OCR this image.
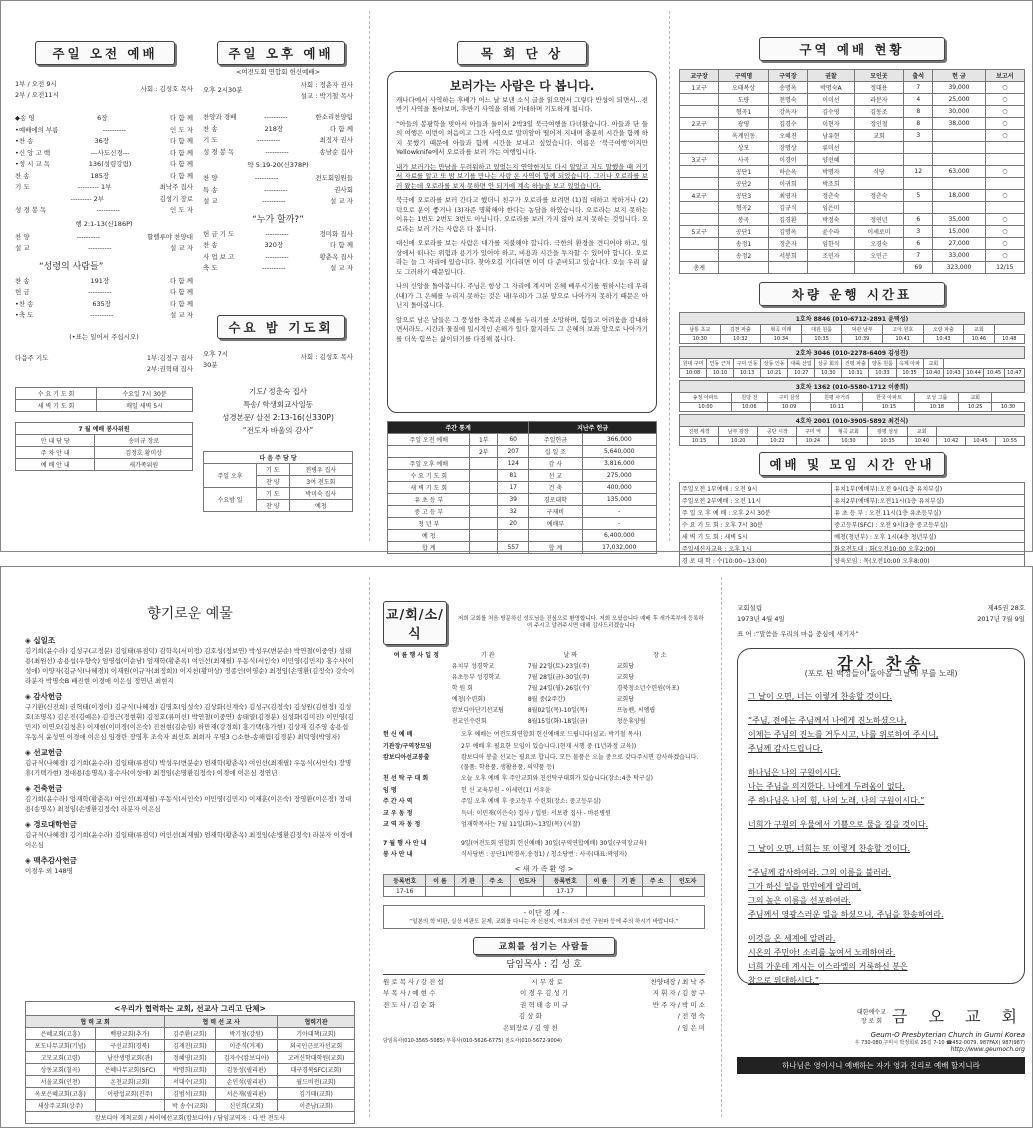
주일 오전 예배
1부 / 오전 9시
2부 / 오전11시
사회 : 김성호 목사
◆송 영	6장	다 함 께
•예배에의 부름	----------	인 도 자
•찬 송	36장	다 함 께
•신 앙 고 백	---사도신경---	다 함 께
•성 시 교 독	136(성령강림)	다 함 께
찬 송	185장	다 함 께
기 도	--------- 1부	최낙주 집사
--------- 2부	김성기 장로
성 경 봉 독	----------	인 도 자
행 2:1-13(신186P)
찬 양	----------	할렐루야 찬양대
설 교	----------	설 교 자
“성령의 사람들”
찬 송	191장	다 함 께
헌 금	----------	다 함 께
•찬 송	635장	다 함 께
•축 도	----------	설 교 자
(•표는 일어서 주십시오)
다음주 기도	1부:김정구 집사
2부:권혁태 집사
수 요 기 도 회	수요일 7시 30분
새 벽 기 도 회	매일 새벽 5시
7 월 예배 봉사위원	
안 내 담 당	송미규 장로
주 차 안 내	김정호 황미상
예 배 안 내	새가족위원
주일 오후 예배
<여전도회 연합회 헌신예배>
오후 2시30분
사회 : 정춘자 권사
설교 : 박기철 목사
찬양과 경배	----------	한소리찬양팀
찬 송	218장	다 함 께
기 도	----------	최정자 권사
성 경 봉 독	----------	송남순 집사
약 5:19-20(신378P)
찬 양	----------	전도회임원들
특 송	----------	권사회
설 교	----------	설 교 자
“누가 할까?”
헌 금 기 도	----------	정미화 집사
찬 송	320장	다 함 께
사 업 보 고	----------	황춘옥 집사
축 도	----------	설 교 자
수요 밤 기도회
오후 7시 30분
사회 : 김성호 목사
기도/ 정춘숙 집사
특송/ 학생회교사일동
성경본문/ 살전 2:13-16(신330P)
“전도자 바울의 감사”
다 음 주 담 당		
주일 오후	기 도	전병우 집사
	찬 양	3여 전도회
수요밤 일	기 도	박미숙 집사
	찬 양	예청
목 회 단 상
보러가는 사람은 다 봅니다.

캐나다에서 사역하는 후배가 어느 날 보낸 소식 글을 읽으면서 그렇다 반성이 되면서...전반기 사역을 돌아보며, 후반기 사역을 위해 기대하며 기도하게 됩니다.

“아들의 봉팡학을 맞아서 아들과 둘이서 2박3일 북극여행을 다녀왔습니다. 아들과 단 둘의 여행은 이번이 처음이고 그간 사역으로 말미암아 떨어져 지내며 충분히 시간을 함께 하지 못했기 때문에 아들과 함께 시간을 보내고 싶었습니다. 이름은 ‘북극여행’이지만 Yellowknife에서 오로라를 보러 가는 여행입니다.

내가 보러가는 만남을 두려워하고 있었는지 연약한지도 다시 알았고 지도 말했을 때 거기서 자료를 알고 또 밤 보기를 만나는 사랑 온 사역이 함께 되었습니다. 그러나 오로라를 보러 왔는데 오로라를 보지 못하면 안 되기에 계속 하늘을 보고 있었습니다.

북극에 오로라를 보러 간다고 했더니 친구가 오로라를 보려면 (1)집 대하고 착하거나 (2)덕으로 운이 좋거나 (3)자존 명확해야 한다는 농담을 하였습니다. 오로라는 보지 못하는 이유는 1번도 2번도 3번도 아닙니다. 오로라를 보러 가지 않아 보지 못하는 것입니다. 오로라는 보러 가는 사람은 다 봅니다.

대신에 오로라를 보는 사람은 대가를 지불해야 합니다. 극한의 환경을 견디어야 하고, 일상에서 떠나는 위험과 용기가 있어야 하고, 비용과 시간을 투자할 수 있어야 합니다. 오로라는 늘 그 자리에 있습니다. 찾아오길 기다리면 이미 다 준비되고 있습니다. 오늘 우리 삶도 그러하기 때문입니다.

나의 신앙을 돌아봅니다. 주님은 항상 그 자리에 계시며 은혜 베푸시기를 원하시는데 우리(내)가 그 은혜를 누리지 못하는 것은 내(우리)가 그분 앞으로 나아가지 못하기 때문은 아닌지 돌아봅니다.

앞으로 남은 날들은 그 풍성한 축복과 은혜를 누리기를 소망하며, 힘들고 어려움을 감내하면서라도, 시간과 물질에 일시적인 손해가 있다 할지라도 그 은혜의 보좌 앞으로 나아가기를 더욱 힘쓰는 삶이되기를 다짐해 봅니다.

주간 통계			지난주 헌금	
주일 오전 예배	1부	60	주일헌금	366,000
	2부	207	십 일 조	5,640,000
주일 오후 예배		124	감 사	3,816,000
수 요 기 도 회		81	선 교	275,000
새 벽 기 도 회		17	건 축	400,000
유 초 등 부		39	경로대학	135,000
중 고 등 부		32	구제비	-
청 년 부		20	예배부	-
예 청				6,400,000
합 계		557	합 계	17,032,000
구역 예배 현황
교구장	구역명	구역장	권찰	모인곳	출석	헌 금	보고서
1교구	오태복상	송명옥	박명숙A	정대용	7	39,000	○
	도량	천명숙	이미선	라분자	4	25,000	○
	형곡1	강옥자	김수영	김동조	8	30,000	○
2교구	광평	김경수	이현자	정인철	8	38,000	○
	옥계인동	오혜진	남유현	교회	3		○
	상모	장명상	류미선				
3교구	사곡	이경이	양선혜				
	공단1	하순옥	박명자	식당	12	63,000	○
	공단2	이귀희	박조희				
4교구	공단3	최영자	정춘숙	정춘숙	5	18,000	○
	형곡2	김규식	임은미				
	봉곡	김경환	박정숙	정연년	6	35,000	○
5교구	공단1	김명옥	윤수라	이세로미	3	15,000	○
	송정1	정춘자	임한식	오경숙	6	27,000	○
	송정2	서봉희	조민자	오민근	7	33,000	○
총계					69	323,000	12/15
차량 운행 시간표
1호차 8846 (010-6712-2891 윤택성)								
남통 초교	김천 파출	형곡 미래	대원 원룸	덕관 남부	고아 원호	오랑 파출	교회	
10:30	10:32	10:34	10:35	10:39	10:41	10:43	10:46	10:48
2호차 3046 (010-2278-6409 김성진)													
원대 구미	인동 근처	구미 인동	상동 인동	대륙 산업	상공 회의	진평 파출	양동 원룸	옥계 아파	교회				
10:08	10:10	10:13	10:21	10:27	10:30	10:31	10:33	10:35	10:40	10:43	10:44	10:45	10:47
3호차 1362 (010-5580-1712 이종희)							
송정 아파트	원당 전	구미 삼성	원평 사거리	한국 아파트	오성 그룹	교회	
10:00	10:06	10:09	10:11	10:15	10:18	10:25	10:30
4호차 2001 (010-3905-5892 최건식)									
진평 세경	남부 광장	공단 시장	구미 역	형곡 교회	광평 삼성	교회			
10:15	10:20	10:22	10:24	10:30	10:35	10:40	10:42	10:45	10:55
예배 및 모임 시간 안내
주일오전 1부예배 : 오전 9시	유치1부(예배부):오전 9시(1층 유치부실)
주일오전 2부예배 : 오전 11시	유치2부(예배부):오전11시(1층 유치부실)
주 일 오 후 예 배 : 오후 2시 30분	유 초 등 부 : 오전 11시(1층 유초등부실)
수 요 기 도 회 : 오후 7시 30분	중고등부(SFC) : 오전 9시(3층 중고등부실)
새 벽 기 도 회 : 새벽 5시	예청(청년부) : 오후 1시(4층 청년부실)
주일새신자교육 : 오후 1시	화요전도대 : 화(오전10:00 오후2:00)
경 로 대 학 : 수(10:00~13:00)	양육모임 : 목(오전10:00 오후8:00)
향기로운 예물
◈ 십일조
김기희(윤수라) 김성구(고정분) 김일태(류점덕) 김학옥(서미정) 김호성(정보연) 박성우(변분순) 박연철(이중연) 성태용(최원선) 송용섭(우향숙) 엄영섭(이순남) 엄재학(황춘옥) 여인선(최재필) 우동식(서인숙) 이민영(김민지) 홍수사(이성애) 이양자(김규식(나혜경)) 이재원(이규자(최정희)) 이지천(황미상) 정종인(이영순) 최정임(손명환(김정숙) 강숙이 라분자 박명숙B 배진현 이경애 이은심 정연년 최현지
◈ 감사헌금
구기환(신진희) 권혁태(이경이) 김규식(나혜경) 김명호(임성숙) 김상화(신계숙) 김성구(김정숙) 김성원(김현정) 김성호(조명옥) 김은진(김예은) 김정근(정현휘) 김정호(류미선) 박연철(이중연) 송태열(김경분) 심성화(김미진) 이민영(김민지) 이연오(김청흔) 이재현(이미경(이은숙) 진천현(김순임) 하만재(강경희) 홍기택(홍가현) 김상재 김주영 송용섭 우동식 윤성연 이경애 이은심 임경란 장영후 조숙자 최선호 최희자 우명3 ○소한-송해림(김경분) 최덕영(박영자)
◈ 선교헌금
김규식(나혜경) 김기희(윤수라) 김일태(류점덕) 박성우(변분순) 엄재학(황춘옥) 여인선(최재필) 우동식(서인숙) 장명휴(기택가현) 정대용(송명옥) 홍수사(이성애) 최정임(손명환김정숙) 이경애 이은심 정연년
◈ 건축헌금
김기희(윤수라) 엄재학(황춘옥) 여인선(최재필) 우동식(서인숙) 이민영(김민지) 이재훈(이은숙) 장영환(이은정) 정대용(송명옥) 최정임(손병환김정숙) 라분자 이은심
◈ 경로대학헌금
김규식(나혜경) 김기희(윤수라) 김일태(류점덕) 여인선(최재필) 엄재학(황춘옥) 최정임(손병환김정숙) 라분자 이경애 이은심
◈ 맥추감사헌금
이경우 외 148명
<우리가 협력하는 교회, 선교사 그리고 단체>				
협 력 교 회		협 력 선 교 사		협력기관
은혜교회(고흥)	백광교회(추가)	김주환(교회)	박기철(강원)	기아대책(교회)
포도나무교회(기념)	구선교회(경북)	김재진(교회)	이준식(거제)	외국인근로자선교회
고모교회(고령)	남산생명교회(관)	정혜영(교회)	김자수(캄보디아)	고려신학대학원(교회)
상동교회(칠곡)	은혜나무교회(SFC)	박명희(교회)	김동성(필리핀)	대구경북SFC(교회)
서울교회(인천)	온천교회(교회)	서대수(교회)	손인석(필리핀)	월드비전(교회)
옥포은혜교회(고흥)	이광섭교회(진주)	김범석(교회)	서은재(필리핀)	김기태(교회)
새상주교회(상주)		박 송수(교회)	신인희(교회)	이준남(교회)
캄보디아 개척교회 / 싸이에선교회(캄보디아) / 담임교역자 : 다 반 전도사				
교/회/소/식
저희 교회를 처음 방문하신 성도님을 진심으로 환영합니다. 저희 오셨습니다 예배 후 새가족부에 등록하여 주시고 알려주시면 대해 감사드리겠습니다
여 름 행 사 일 정	기 관	날 짜	장 소
	유치부 성경학교	7월 22일(토)-23일(주)	교회당
	유초등부 성경학교	7월 28일(금)-30일(주)	교회당
	학 원 회	7월 24일(월)-26일(수)	경북청소년수련원(아포)
	예청(수련회)	8월 중(2주간)	교회당
	캄보디아단기선교팀	8월02일(목)-10일(목)	프놈펜, 씨엠립
	전교인수련회	8월15일(화)-18일(금)	청운휴양림
헌 신 예 배	오후 예배는 여전도회연합회 헌신예배로 드립니다(설교: 박기철 목사)
기관장/구역장모임	2부 예배 후 필요한 모임이 있습니다.(현재 시행 중 (1년과정 교육))
캄보디아선교봉출	캄보디아 봉출 선교는 필요로 합니다. 모든 물품은 오늘 중으로 갖다주시면 감사하겠습니다.(물품: 학용품, 생활용품, 의약품 등)
친 선 탁 구 대 회	오늘 오후 예배 후 주안교회와 친선탁구대회가 있습니다(장소:4층 탁구실)
임 명	헌 신 교육부원 - 이세민(1) 서우윤
주 간 사 역	주일 오후 예배 후 중고등부 수련회(장소: 중고등부실)
교 우 동 정	득녀: 이민재(이은숙) 집사 / 입원: 서보광 집사 - 바른병원
교 역 자 동 정	엄재학목사는 7월 11일(화)~13일(목) (시찰)
7 월 행 사 안 내	9일(여전도회 연합회 헌신예배) 30일(구역연합예배) 30일(구역장교육)
봉 사 안 내	식사당번 : 공단1(박경옥,송정1) / 청소당번 : 사곡(대표:곽영자)
< 새 가 족 환 영 >
등록번호	이 름	기 관	주 소	인도자	등록번호	이 름	기 관	주 소	인도자
17-16					17-17				
- 이단 경 계 -
“일본의 학 비판, 실상 비판도 문제, 교회를 다니는 자 신천지, 여호와의 증인 구원파 등에 주의 하시기 바랍니다.”
교회를 섬기는 사람들
담임목사 : 김 성 호
원 로 목 사 / 강 진 섭	시 무 장 로	찬양대장 / 최 낙 주
부 목 사 / 예 현 수	이 경 우 김 성 기	지 휘 자 / 김 창 구
전 도 사 / 김 순 화	권 혁 태 송 미 규	반 주 자 / 박 미 소
김 상 화	/ 전 형 숙
은퇴장로 / 김 영 천	/ 임 은 미
담임목사(010-3565-5085) 부목사(010-5626-6775) 전도사(010-5672-9004)
교회설립
1973년 4월 4일
제45권 28호
2017년 7월 9일
표 어 :“말씀을 우리의 마음 중심에 새기자”
감사 찬송
(포로 된 백성들이 돌아올 그날에 부를 노래)
그 날이 오면, 너는 이렇게 찬송할 것이다.
“주님, 전에는 주님께서 나에게 진노하셨으나,
이제는 주님의 진노를 거두시고, 나를 위로하여 주시니,
주님께 감사드립니다.
하나님은 나의 구원이시다.
나는 주님을 의지한다. 나에게 두려움이 없다.
주 하나님은 나의 힘, 나의 노래, 나의 구원이시다.”
너희가 구원의 우물에서 기쁨으로 물을 길을 것이다.
그 날이 오면, 너희는 또 이렇게 찬송할 것이다.
“주님께 감사하여라. 그의 이름을 불러라.
그가 하신 일을 만민에게 알리며,
그의 높은 이름을 선포하여라.
주님께서 영광스러운 일을 하셨으니, 주님을 찬송하여라.
이것을 온 세계에 알려라.
시온의 주민아! 소리를 높여서 노래하여라.
너희 가운데 계시는 이스라엘의 거룩하신 분은
참으로 위대하시다.”
대한예수교
장 로 회 금 오 교 회
Geum-O Presbyterian Church in Gumi Korea
우 730-080 구미시 박정희로 25길 7-10 ☎452-0079, 987FAX) 987(987)
http://www.geumoch.org
하나님은 영이시니 예배하는 자가 영과 진리로 예배 할지니라
